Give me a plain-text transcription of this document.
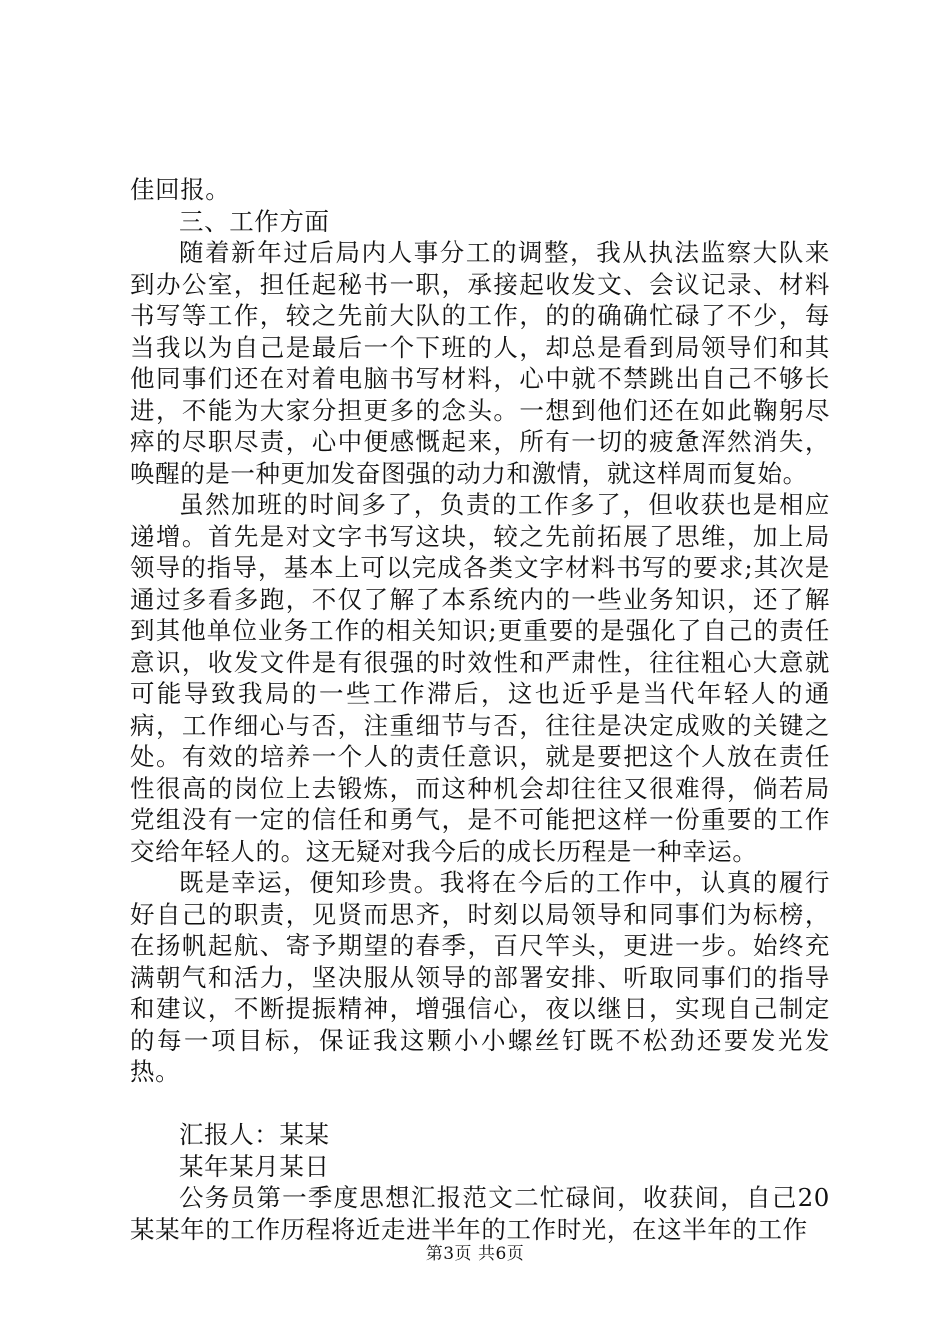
佳回报。

三、工作方面

随着新年过后局内人事分工的调整，我从执法监察大队来到办公室，担任起秘书一职，承接起收发文、会议记录、材料书写等工作，较之先前大队的工作，的的确确忙碌了不少，每当我以为自己是最后一个下班的人，却总是看到局领导们和其他同事们还在对着电脑书写材料，心中就不禁跳出自己不够长进，不能为大家分担更多的念头。一想到他们还在如此鞠躬尽瘁的尽职尽责，心中便感慨起来，所有一切的疲惫浑然消失，唤醒的是一种更加发奋图强的动力和激情，就这样周而复始。

虽然加班的时间多了，负责的工作多了，但收获也是相应递增。首先是对文字书写这块，较之先前拓展了思维，加上局领导的指导，基本上可以完成各类文字材料书写的要求;其次是通过多看多跑，不仅了解了本系统内的一些业务知识，还了解到其他单位业务工作的相关知识;更重要的是强化了自己的责任意识，收发文件是有很强的时效性和严肃性，往往粗心大意就可能导致我局的一些工作滞后，这也近乎是当代年轻人的通病，工作细心与否，注重细节与否，往往是决定成败的关键之处。有效的培养一个人的责任意识，就是要把这个人放在责任性很高的岗位上去锻炼，而这种机会却往往又很难得，倘若局党组没有一定的信任和勇气，是不可能把这样一份重要的工作交给年轻人的。这无疑对我今后的成长历程是一种幸运。

既是幸运，便知珍贵。我将在今后的工作中，认真的履行好自己的职责，见贤而思齐，时刻以局领导和同事们为标榜，在扬帆起航、寄予期望的春季，百尺竿头，更进一步。始终充满朝气和活力，坚决服从领导的部署安排、听取同事们的指导和建议，不断提振精神，增强信心，夜以继日，实现自己制定的每一项目标，保证我这颗小小螺丝钉既不松劲还要发光发热。

汇报人：某某

某年某月某日

公务员第一季度思想汇报范文二忙碌间，收获间，自己20某某年的工作历程将近走进半年的工作时光，在这半年的工作

第3页 共6页
